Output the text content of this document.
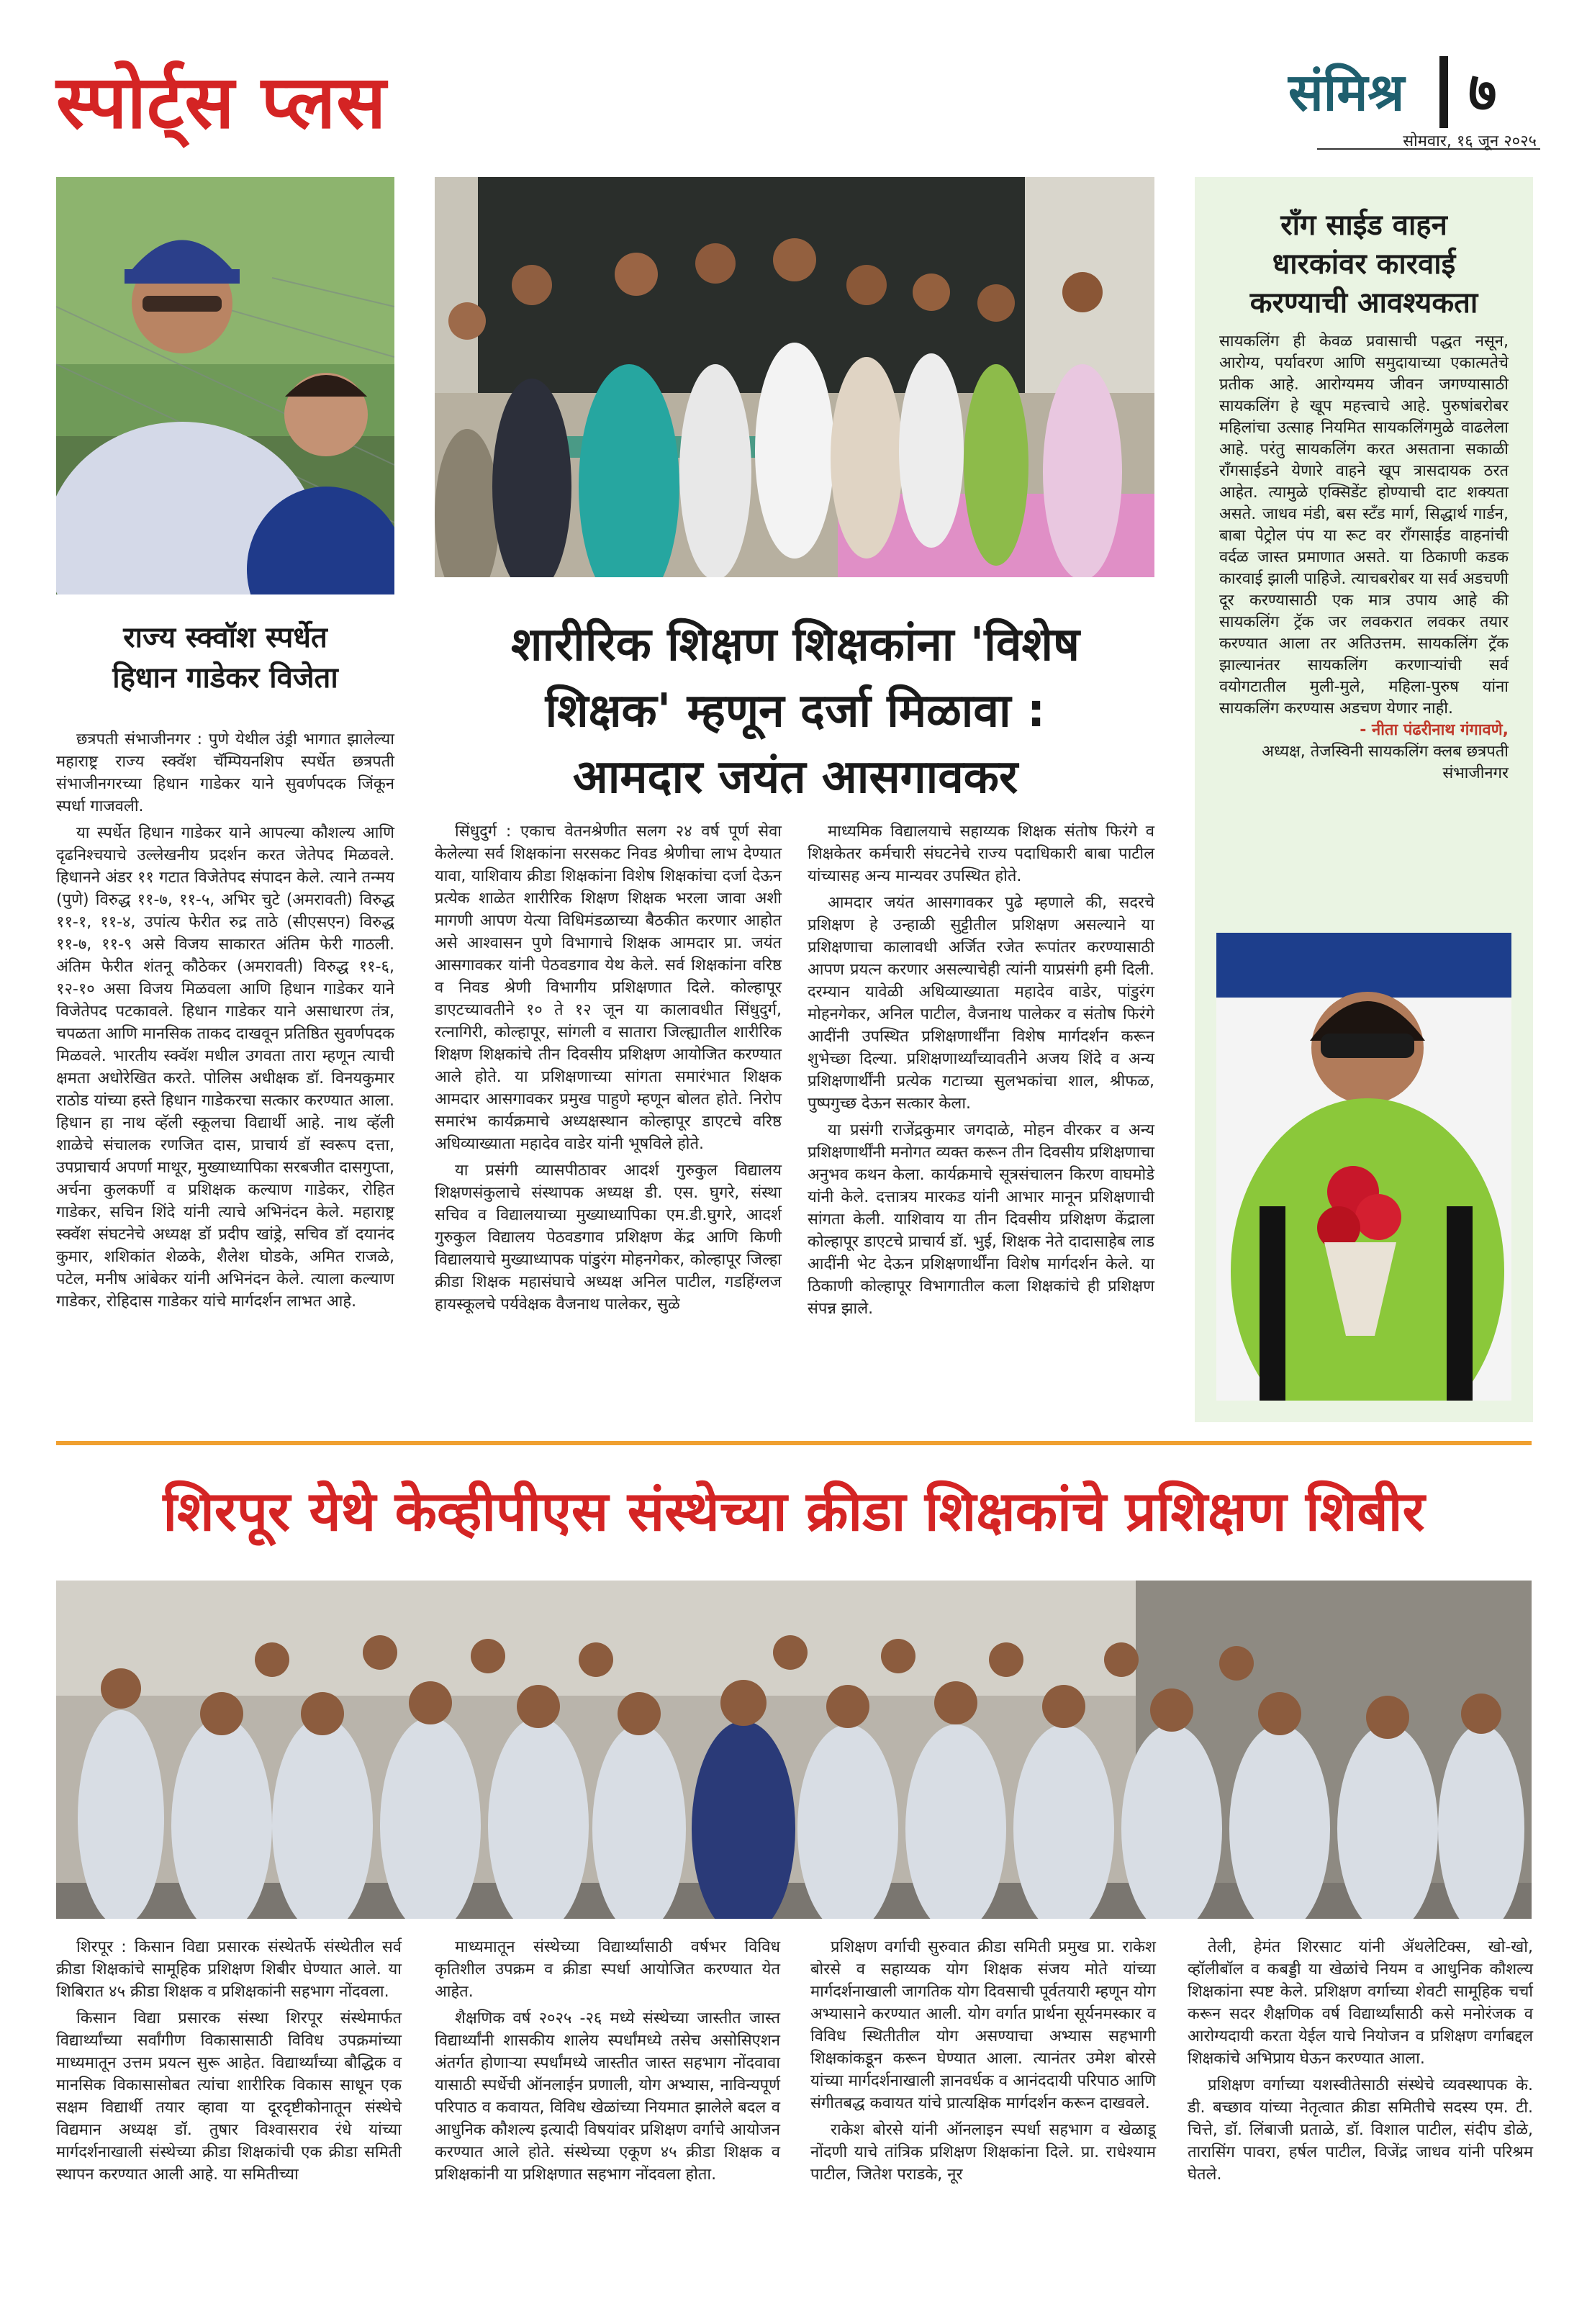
स्पोर्ट्स प्लस	संमिश्र ७
सोमवार, १६ जून २०२५
राज्य स्क्वॉश स्पर्धेत
हिधान गाडेकर विजेता

छत्रपती संभाजीनगर : पुणे येथील उंड्री भागात झालेल्या महाराष्ट्र राज्य स्क्वॅश चॅम्पियनशिप स्पर्धेत छत्रपती संभाजीनगरच्या हिधान गाडेकर याने सुवर्णपदक जिंकून स्पर्धा गाजवली.

या स्पर्धेत हिधान गाडेकर याने आपल्या कौशल्य आणि दृढनिश्चयाचे उल्लेखनीय प्रदर्शन करत जेतेपद मिळवले. हिधानने अंडर ११ गटात विजेतेपद संपादन केले. त्याने तन्मय (पुणे) विरुद्ध ११-७, ११-५, अभिर चुटे (अमरावती) विरुद्ध ११-१, ११-४, उपांत्य फेरीत रुद्र ताठे (सीएसएन) विरुद्ध ११-७, ११-९ असे विजय साकारत अंतिम फेरी गाठली. अंतिम फेरीत शंतनू कौठेकर (अमरावती) विरुद्ध ११-६, १२-१० असा विजय मिळवला आणि हिधान गाडेकर याने विजेतेपद पटकावले. हिधान गाडेकर याने असाधारण तंत्र, चपळता आणि मानसिक ताकद दाखवून प्रतिष्ठित सुवर्णपदक मिळवले. भारतीय स्क्वॅश मधील उगवता तारा म्हणून त्याची क्षमता अधोरेखित करते. पोलिस अधीक्षक डॉ. विनयकुमार राठोड यांच्या हस्ते हिधान गाडेकरचा सत्कार करण्यात आला. हिधान हा नाथ व्हॅली स्कूलचा विद्यार्थी आहे. नाथ व्हॅली शाळेचे संचालक रणजित दास, प्राचार्य डॉ स्वरूप दत्ता, उपप्राचार्य अपर्णा माथूर, मुख्याध्यापिका सरबजीत दासगुप्ता, अर्चना कुलकर्णी व प्रशिक्षक कल्याण गाडेकर, रोहित गाडेकर, सचिन शिंदे यांनी त्याचे अभिनंदन केले. महाराष्ट्र स्क्वॅश संघटनेचे अध्यक्ष डॉ प्रदीप खांड्रे, सचिव डॉ दयानंद कुमार, शशिकांत शेळके, शैलेश घोडके, अमित राजळे, पटेल, मनीष आंबेकर यांनी अभिनंदन केले. त्याला कल्याण गाडेकर, रोहिदास गाडेकर यांचे मार्गदर्शन लाभत आहे.

शारीरिक शिक्षण शिक्षकांना 'विशेष
शिक्षक' म्हणून दर्जा मिळावा :
आमदार जयंत आसगावकर

सिंधुदुर्ग : एकाच वेतनश्रेणीत सलग २४ वर्ष पूर्ण सेवा केलेल्या सर्व शिक्षकांना सरसकट निवड श्रेणीचा लाभ देण्यात यावा, याशिवाय क्रीडा शिक्षकांना विशेष शिक्षकांचा दर्जा देऊन प्रत्येक शाळेत शारीरिक शिक्षण शिक्षक भरला जावा अशी मागणी आपण येत्या विधिमंडळाच्या बैठकीत करणार आहोत असे आश्वासन पुणे विभागाचे शिक्षक आमदार प्रा. जयंत आसगावकर यांनी पेठवडगाव येथ केले. सर्व शिक्षकांना वरिष्ठ व निवड श्रेणी विभागीय प्रशिक्षणात दिले. कोल्हापूर डाएटच्यावतीने १० ते १२ जून या कालावधीत सिंधुदुर्ग, रत्नागिरी, कोल्हापूर, सांगली व सातारा जिल्ह्यातील शारीरिक शिक्षण शिक्षकांचे तीन दिवसीय प्रशिक्षण आयोजित करण्यात आले होते. या प्रशिक्षणाच्या सांगता समारंभात शिक्षक आमदार आसगावकर प्रमुख पाहुणे म्हणून बोलत होते. निरोप समारंभ कार्यक्रमाचे अध्यक्षस्थान कोल्हापूर डाएटचे वरिष्ठ अधिव्याख्याता महादेव वाडेर यांनी भूषविले होते.

या प्रसंगी व्यासपीठावर आदर्श गुरुकुल विद्यालय शिक्षणसंकुलाचे संस्थापक अध्यक्ष डी. एस. घुगरे, संस्था सचिव व विद्यालयाच्या मुख्याध्यापिका एम.डी.घुगरे, आदर्श गुरुकुल विद्यालय पेठवडगाव प्रशिक्षण केंद्र आणि किणी विद्यालयाचे मुख्याध्यापक पांडुरंग मोहनगेकर, कोल्हापूर जिल्हा क्रीडा शिक्षक महासंघाचे अध्यक्ष अनिल पाटील, गडहिंग्लज हायस्कूलचे पर्यवेक्षक वैजनाथ पालेकर, सुळे

माध्यमिक विद्यालयाचे सहाय्यक शिक्षक संतोष फिरंगे व शिक्षकेतर कर्मचारी संघटनेचे राज्य पदाधिकारी बाबा पाटील यांच्यासह अन्य मान्यवर उपस्थित होते.

आमदार जयंत आसगावकर पुढे म्हणाले की, सदरचे प्रशिक्षण हे उन्हाळी सुट्टीतील प्रशिक्षण असल्याने या प्रशिक्षणाचा कालावधी अर्जित रजेत रूपांतर करण्यासाठी आपण प्रयत्न करणार असल्याचेही त्यांनी याप्रसंगी हमी दिली. दरम्यान यावेळी अधिव्याख्याता महादेव वाडेर, पांडुरंग मोहनगेकर, अनिल पाटील, वैजनाथ पालेकर व संतोष फिरंगे आदींनी उपस्थित प्रशिक्षणार्थींना विशेष मार्गदर्शन करून शुभेच्छा दिल्या. प्रशिक्षणार्थ्यांच्यावतीने अजय शिंदे व अन्य प्रशिक्षणार्थींनी प्रत्येक गटाच्या सुलभकांचा शाल, श्रीफळ, पुष्पगुच्छ देऊन सत्कार केला.

या प्रसंगी राजेंद्रकुमार जगदाळे, मोहन वीरकर व अन्य प्रशिक्षणार्थींनी मनोगत व्यक्त करून तीन दिवसीय प्रशिक्षणाचा अनुभव कथन केला. कार्यक्रमाचे सूत्रसंचालन किरण वाघमोडे यांनी केले. दत्तात्रय मारकड यांनी आभार मानून प्रशिक्षणाची सांगता केली. याशिवाय या तीन दिवसीय प्रशिक्षण केंद्राला कोल्हापूर डाएटचे प्राचार्य डॉ. भुई, शिक्षक नेते दादासाहेब लाड आदींनी भेट देऊन प्रशिक्षणार्थींना विशेष मार्गदर्शन केले. या ठिकाणी कोल्हापूर विभागातील कला शिक्षकांचे ही प्रशिक्षण संपन्न झाले.

राँग साईड वाहन
धारकांवर कारवाई
करण्याची आवश्यकता
सायकलिंग ही केवळ प्रवासाची पद्धत नसून, आरोग्य, पर्यावरण आणि समुदायाच्या एकात्मतेचे प्रतीक आहे. आरोग्यमय जीवन जगण्यासाठी सायकलिंग हे खूप महत्त्वाचे आहे. पुरुषांबरोबर महिलांचा उत्साह नियमित सायकलिंगमुळे वाढलेला आहे. परंतु सायकलिंग करत असताना सकाळी रॉंगसाईडने येणारे वाहने खूप त्रासदायक ठरत आहेत. त्यामुळे एक्सिडेंट होण्याची दाट शक्यता असते. जाधव मंडी, बस स्टँड मार्ग, सिद्धार्थ गार्डन, बाबा पेट्रोल पंप या रूट वर रॉंगसाईड वाहनांची वर्दळ जास्त प्रमाणात असते. या ठिकाणी कडक कारवाई झाली पाहिजे. त्याचबरोबर या सर्व अडचणी दूर करण्यासाठी एक मात्र उपाय आहे की सायकलिंग ट्रॅक जर लवकरात लवकर तयार करण्यात आला तर अतिउत्तम. सायकलिंग ट्रॅक झाल्यानंतर सायकलिंग करणाऱ्यांची सर्व वयोगटातील मुली-मुले, महिला-पुरुष यांना सायकलिंग करण्यास अडचण येणार नाही.
- नीता पंढरीनाथ गंगावणे,
अध्यक्ष, तेजस्विनी सायकलिंग क्लब छत्रपती संभाजीनगर
शिरपूर येथे केव्हीपीएस संस्थेच्या क्रीडा शिक्षकांचे प्रशिक्षण शिबीर

शिरपूर : किसान विद्या प्रसारक संस्थेतर्फे संस्थेतील सर्व क्रीडा शिक्षकांचे सामूहिक प्रशिक्षण शिबीर घेण्यात आले. या शिबिरात ४५ क्रीडा शिक्षक व प्रशिक्षकांनी सहभाग नोंदवला.

किसान विद्या प्रसारक संस्था शिरपूर संस्थेमार्फत विद्यार्थ्यांच्या सर्वांगीण विकासासाठी विविध उपक्रमांच्या माध्यमातून उत्तम प्रयत्न सुरू आहेत. विद्यार्थ्यांच्या बौद्धिक व मानसिक विकासासोबत त्यांचा शारीरिक विकास साधून एक सक्षम विद्यार्थी तयार व्हावा या दूरदृष्टीकोनातून संस्थेचे विद्यमान अध्यक्ष डॉ. तुषार विश्वासराव रंधे यांच्या मार्गदर्शनाखाली संस्थेच्या क्रीडा शिक्षकांची एक क्रीडा समिती स्थापन करण्यात आली आहे. या समितीच्या

माध्यमातून संस्थेच्या विद्यार्थ्यांसाठी वर्षभर विविध कृतिशील उपक्रम व क्रीडा स्पर्धा आयोजित करण्यात येत आहेत.

शैक्षणिक वर्ष २०२५ -२६ मध्ये संस्थेच्या जास्तीत जास्त विद्यार्थ्यांनी शासकीय शालेय स्पर्धांमध्ये तसेच असोसिएशन अंतर्गत होणाऱ्या स्पर्धांमध्ये जास्तीत जास्त सहभाग नोंदवावा यासाठी स्पर्धेची ऑनलाईन प्रणाली, योग अभ्यास, नाविन्यपूर्ण परिपाठ व कवायत, विविध खेळांच्या नियमात झालेले बदल व आधुनिक कौशल्य इत्यादी विषयांवर प्रशिक्षण वर्गाचे आयोजन करण्यात आले होते. संस्थेच्या एकूण ४५ क्रीडा शिक्षक व प्रशिक्षकांनी या प्रशिक्षणात सहभाग नोंदवला होता.

प्रशिक्षण वर्गाची सुरुवात क्रीडा समिती प्रमुख प्रा. राकेश बोरसे व सहाय्यक योग शिक्षक संजय मोते यांच्या मार्गदर्शनाखाली जागतिक योग दिवसाची पूर्वतयारी म्हणून योग अभ्यासाने करण्यात आली. योग वर्गात प्रार्थना सूर्यनमस्कार व विविध स्थितीतील योग असण्याचा अभ्यास सहभागी शिक्षकांकडून करून घेण्यात आला. त्यानंतर उमेश बोरसे यांच्या मार्गदर्शनाखाली ज्ञानवर्धक व आनंददायी परिपाठ आणि संगीतबद्ध कवायत यांचे प्रात्यक्षिक मार्गदर्शन करून दाखवले.

राकेश बोरसे यांनी ऑनलाइन स्पर्धा सहभाग व खेळाडू नोंदणी याचे तांत्रिक प्रशिक्षण शिक्षकांना दिले. प्रा. राधेश्याम पाटील, जितेश पराडके, नूर

तेली, हेमंत शिरसाट यांनी ॲथलेटिक्स, खो-खो, व्हॉलीबॉल व कबड्डी या खेळांचे नियम व आधुनिक कौशल्य शिक्षकांना स्पष्ट केले. प्रशिक्षण वर्गाच्या शेवटी सामूहिक चर्चा करून सदर शैक्षणिक वर्ष विद्यार्थ्यांसाठी कसे मनोरंजक व आरोग्यदायी करता येईल याचे नियोजन व प्रशिक्षण वर्गाबद्दल शिक्षकांचे अभिप्राय घेऊन करण्यात आला.

प्रशिक्षण वर्गाच्या यशस्वीतेसाठी संस्थेचे व्यवस्थापक के. डी. बच्छाव यांच्या नेतृत्वात क्रीडा समितीचे सदस्य एम. टी. चित्ते, डॉ. लिंबाजी प्रताळे, डॉ. विशाल पाटील, संदीप डोळे, तारासिंग पावरा, हर्षल पाटील, विजेंद्र जाधव यांनी परिश्रम घेतले.
